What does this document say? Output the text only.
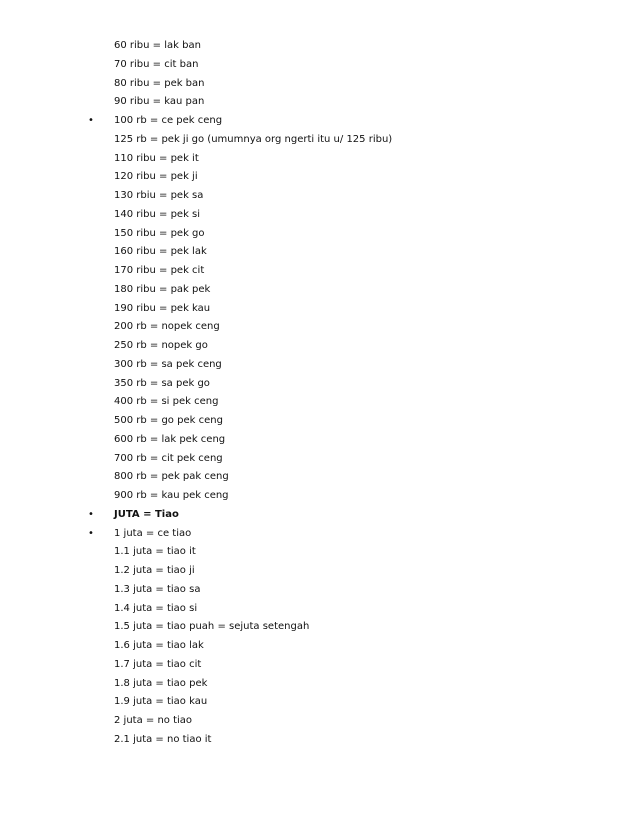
60 ribu = lak ban
70 ribu = cit ban
80 ribu = pek ban
90 ribu = kau pan
• 100 rb = ce pek ceng
125 rb = pek ji go (umumnya org ngerti itu u/ 125 ribu)
110 ribu = pek it
120 ribu = pek ji
130 rbiu = pek sa
140 ribu = pek si
150 ribu = pek go
160 ribu = pek lak
170 ribu = pek cit
180 ribu = pak pek
190 ribu = pek kau
200 rb = nopek ceng
250 rb = nopek go
300 rb = sa pek ceng
350 rb = sa pek go
400 rb = si pek ceng
500 rb = go pek ceng
600 rb = lak pek ceng
700 rb = cit pek ceng
800 rb = pek pak ceng
900 rb = kau pek ceng
• JUTA = Tiao
• 1 juta = ce tiao
1.1 juta = tiao it
1.2 juta = tiao ji
1.3 juta = tiao sa
1.4 juta = tiao si
1.5 juta = tiao puah = sejuta setengah
1.6 juta = tiao lak
1.7 juta = tiao cit
1.8 juta = tiao pek
1.9 juta = tiao kau
2 juta = no tiao
2.1 juta = no tiao it
